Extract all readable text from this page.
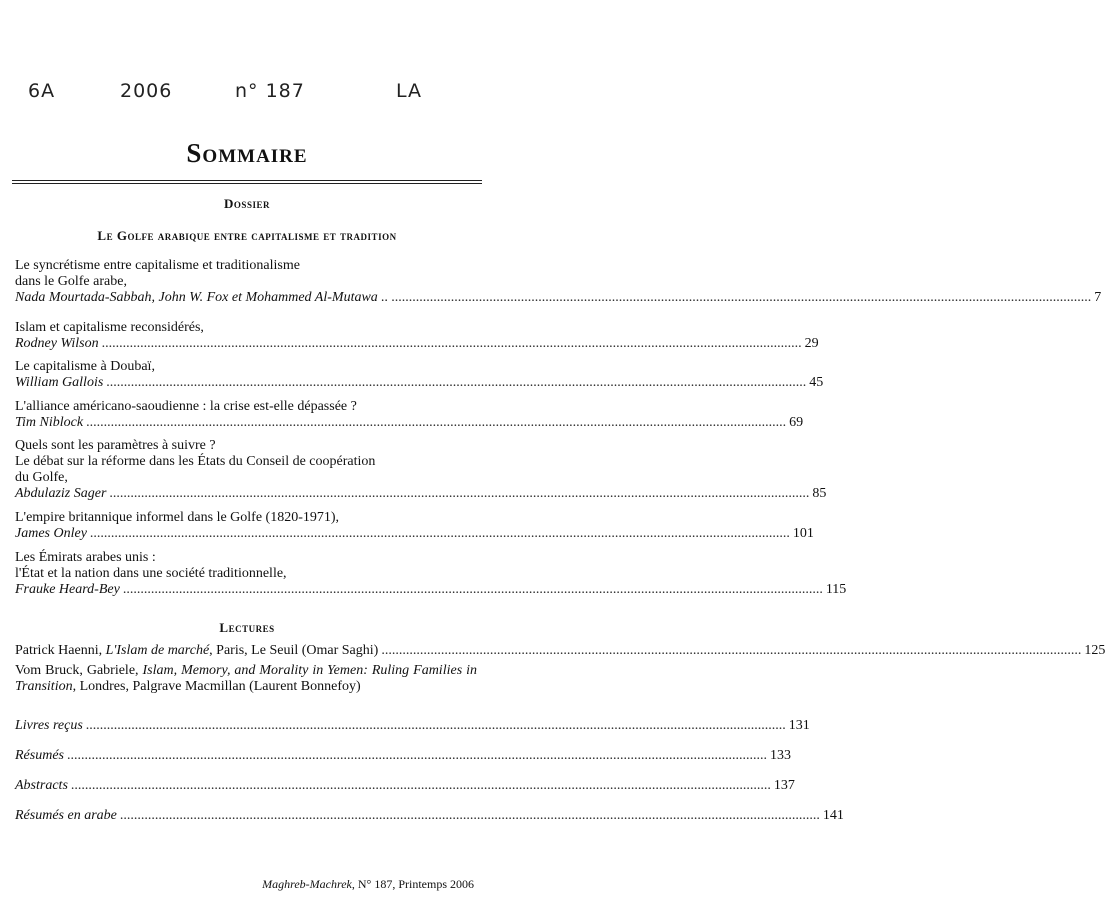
6A	2006	n° 187	LA
Sommaire
Dossier
Le Golfe arabique entre capitalisme et tradition
Le syncrétisme entre capitalisme et traditionalisme
dans le Golfe arabe,
Nada Mourtada-Sabbah, John W. Fox et Mohammed Al-Mutawa .. ........................................................................................................................................................................................................ 7
Islam et capitalisme reconsidérés,
Rodney Wilson ........................................................................................................................................................................................................ 29
Le capitalisme à Doubaï,
William Gallois ........................................................................................................................................................................................................ 45
L'alliance américano-saoudienne : la crise est-elle dépassée ?
Tim Niblock ........................................................................................................................................................................................................ 69
Quels sont les paramètres à suivre ?
Le débat sur la réforme dans les États du Conseil de coopération
du Golfe,
Abdulaziz Sager ........................................................................................................................................................................................................ 85
L'empire britannique informel dans le Golfe (1820-1971),
James Onley ........................................................................................................................................................................................................ 101
Les Émirats arabes unis :
l'État et la nation dans une société traditionnelle,
Frauke Heard-Bey ........................................................................................................................................................................................................ 115
Lectures
Patrick Haenni, L'Islam de marché, Paris, Le Seuil (Omar Saghi) ........................................................................................................................................................................................................ 125
Vom Bruck, Gabriele, Islam, Memory, and Morality in Yemen: Ruling Families in Transition, Londres, Palgrave Macmillan (Laurent Bonnefoy)
Livres reçus ........................................................................................................................................................................................................ 131
Résumés ........................................................................................................................................................................................................ 133
Abstracts ........................................................................................................................................................................................................ 137
Résumés en arabe ........................................................................................................................................................................................................ 141
Maghreb-Machrek, N° 187, Printemps 2006
